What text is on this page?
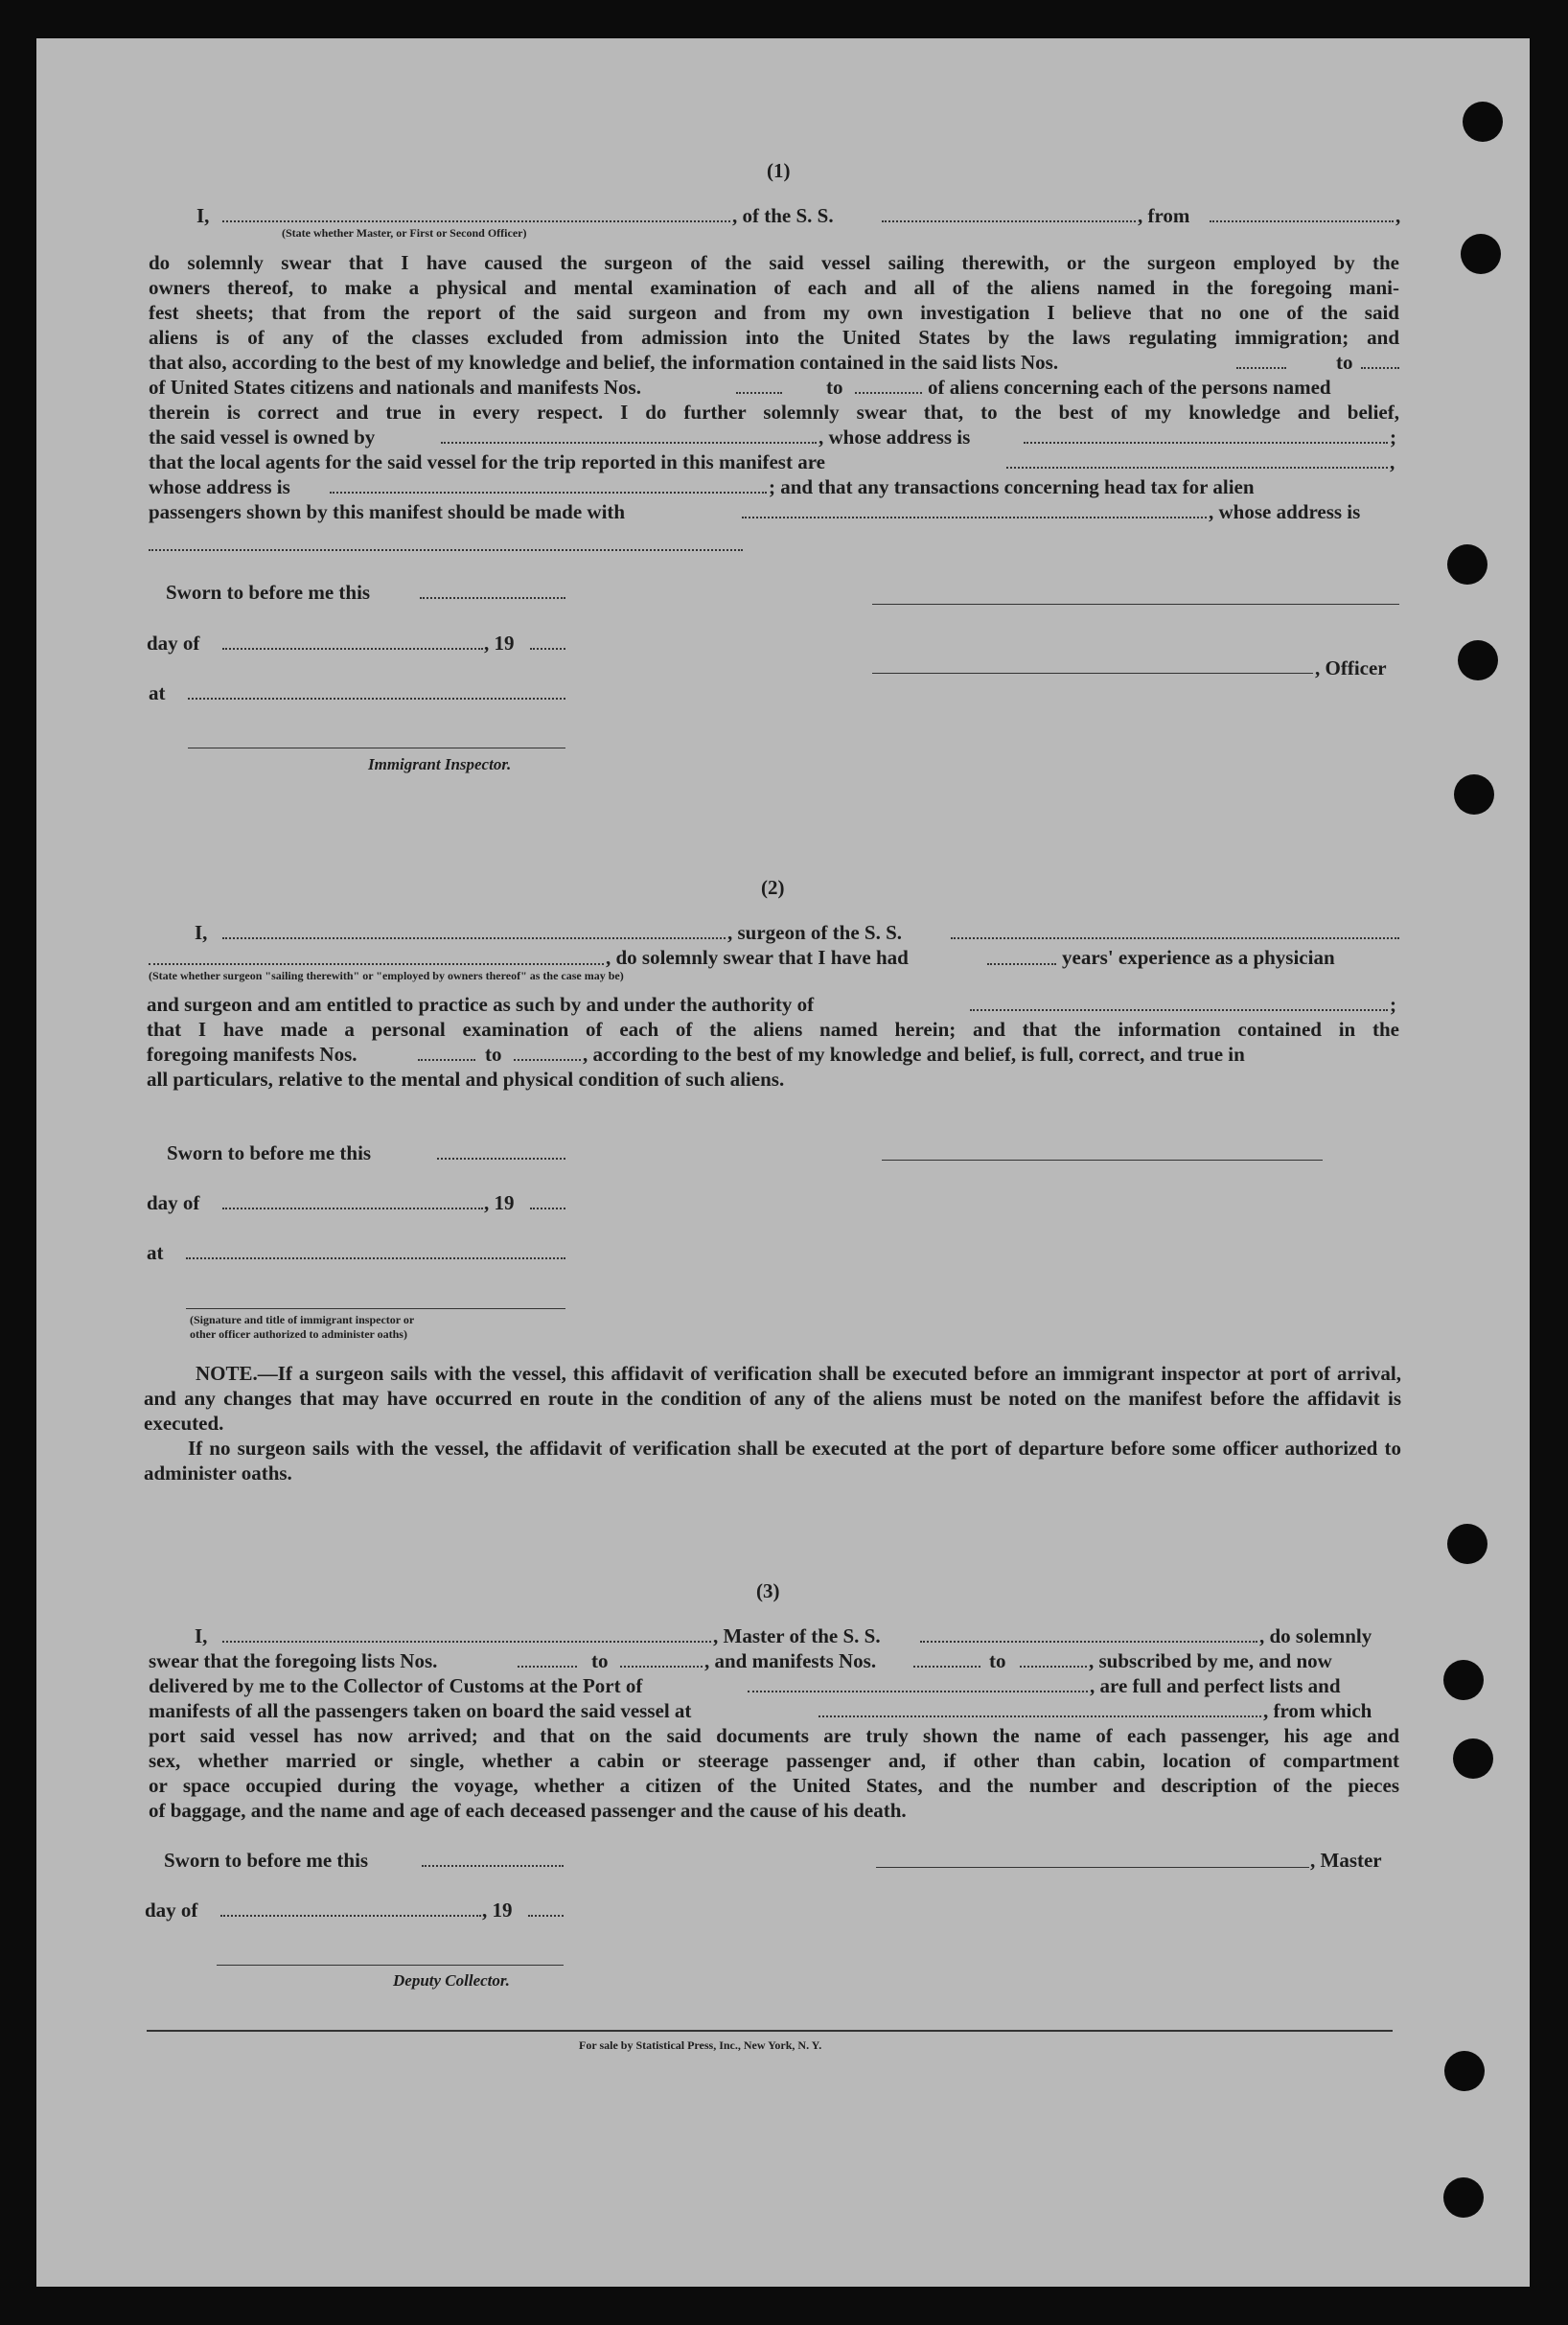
(1)
I,	, of the S. S.	, from	,
(State whether Master, or First or Second Officer)
do solemnly swear that I have caused the surgeon of the said vessel sailing therewith, or the surgeon employed by the
owners thereof, to make a physical and mental examination of each and all of the aliens named in the foregoing mani-
fest sheets; that from the report of the said surgeon and from my own investigation I believe that no one of the said
aliens is of any of the classes excluded from admission into the United States by the laws regulating immigration; and
that also, according to the best of my knowledge and belief, the information contained in the said lists Nos.	to
of United States citizens and nationals and manifests Nos.	to	of aliens concerning each of the persons named
therein is correct and true in every respect. I do further solemnly swear that, to the best of my knowledge and belief,
the said vessel is owned by	, whose address is	;
that the local agents for the said vessel for the trip reported in this manifest are	,
whose address is	; and that any transactions concerning head tax for alien
passengers shown by this manifest should be made with	, whose address is
Sworn to before me this
day of	, 19
, Officer
at
Immigrant Inspector.
(2)
I,	, surgeon of the S. S.
, do solemnly swear that I have had	years' experience as a physician
(State whether surgeon "sailing therewith" or "employed by owners thereof" as the case may be)
and surgeon and am entitled to practice as such by and under the authority of	;
that I have made a personal examination of each of the aliens named herein; and that the information contained in the
foregoing manifests Nos.	to	, according to the best of my knowledge and belief, is full, correct, and true in
all particulars, relative to the mental and physical condition of such aliens.
Sworn to before me this
day of	, 19
at
(Signature and title of immigrant inspector or
other officer authorized to administer oaths)
NOTE.—If a surgeon sails with the vessel, this affidavit of verification shall be executed before an immigrant inspector at port of arrival, and any changes that may have occurred en route in the condition of any of the aliens must be noted on the manifest before the affidavit is executed.
If no surgeon sails with the vessel, the affidavit of verification shall be executed at the port of departure before some officer authorized to administer oaths.
(3)
I,	, Master of the S. S.	, do solemnly
swear that the foregoing lists Nos.	to	, and manifests Nos.	to	, subscribed by me, and now
delivered by me to the Collector of Customs at the Port of	, are full and perfect lists and
manifests of all the passengers taken on board the said vessel at	, from which
port said vessel has now arrived; and that on the said documents are truly shown the name of each passenger, his age and
sex, whether married or single, whether a cabin or steerage passenger and, if other than cabin, location of compartment
or space occupied during the voyage, whether a citizen of the United States, and the number and description of the pieces
of baggage, and the name and age of each deceased passenger and the cause of his death.
Sworn to before me this	, Master
day of	, 19
Deputy Collector.
For sale by Statistical Press, Inc., New York, N. Y.
